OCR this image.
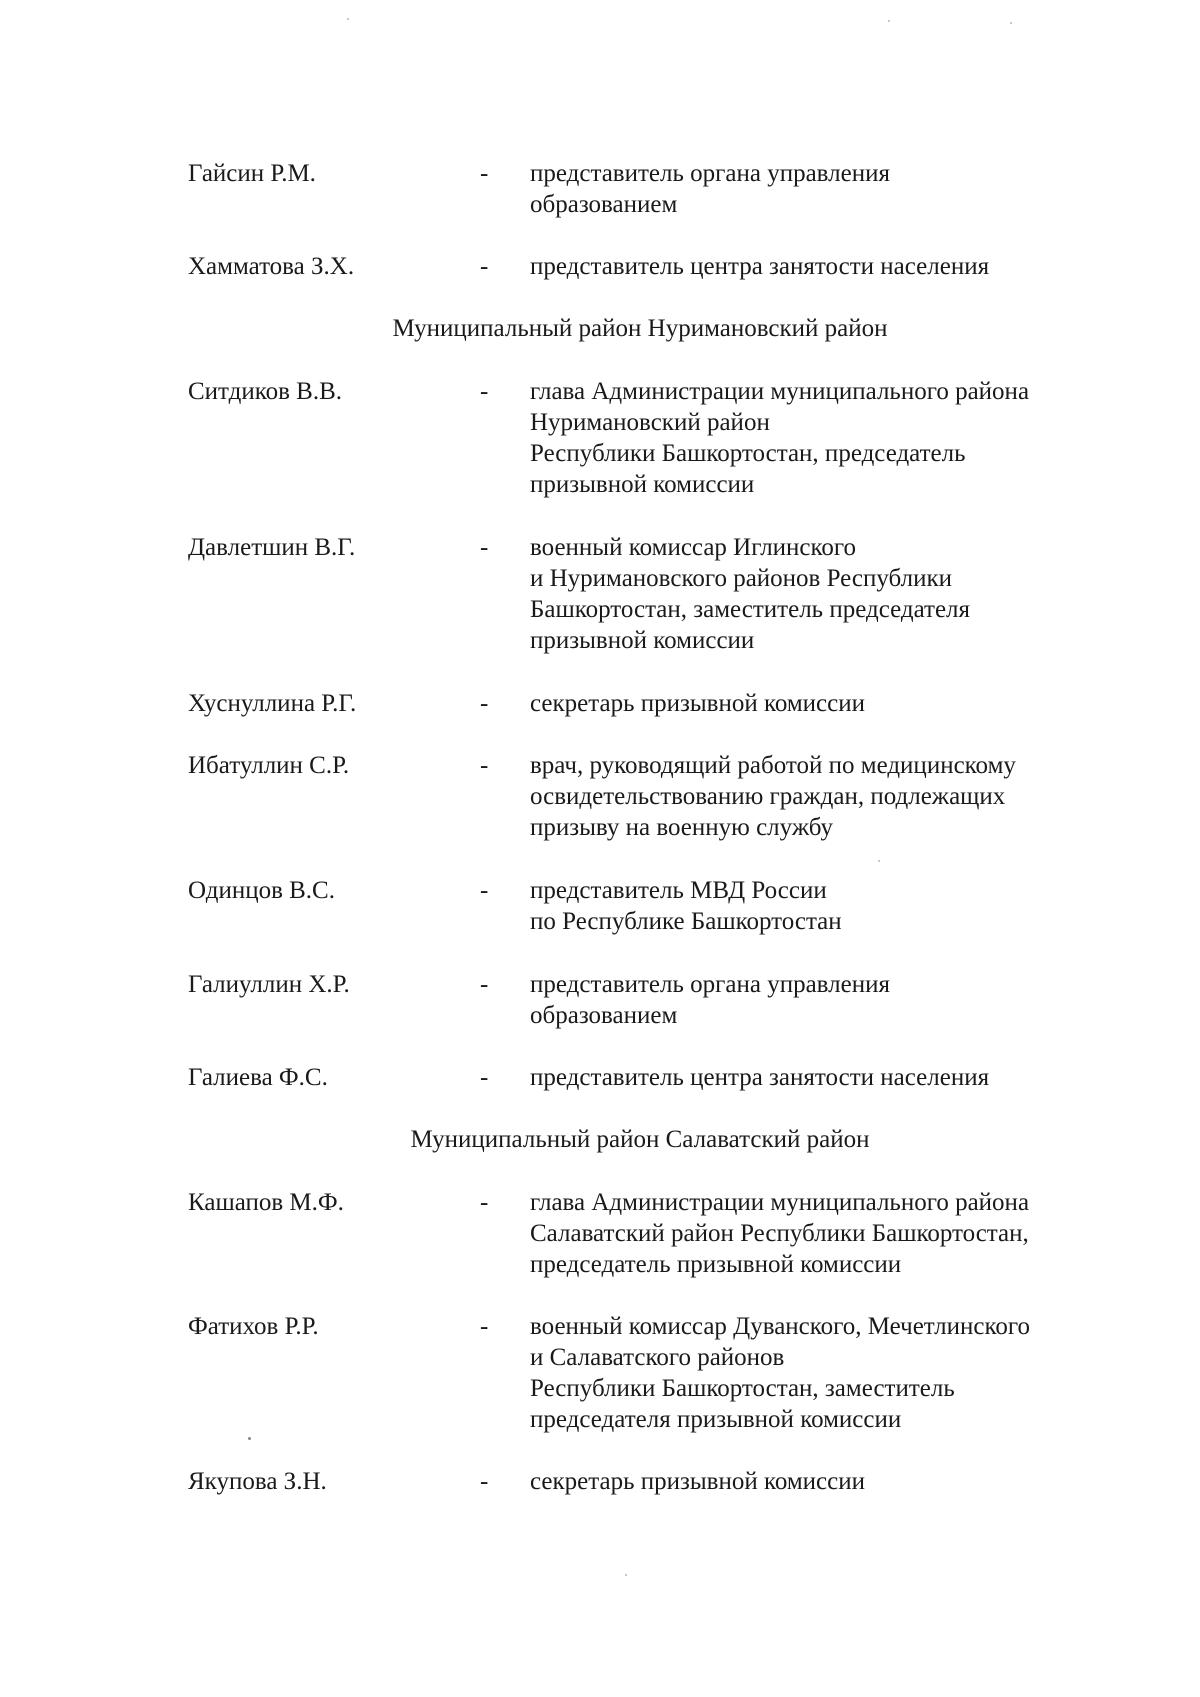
Гайсин Р.М.	- представитель органа управления
образованием
Хамматова З.Х.	- представитель центра занятости населения
Муниципальный район Нуримановский район
Ситдиков В.В.	- глава Администрации муниципального района
Нуримановский район
Республики Башкортостан, председатель
призывной комиссии
Давлетшин В.Г.	- военный комиссар Иглинского
и Нуримановского районов Республики
Башкортостан, заместитель председателя
призывной комиссии
Хуснуллина Р.Г.	- секретарь призывной комиссии
Ибатуллин С.Р.	- врач, руководящий работой по медицинскому
освидетельствованию граждан, подлежащих
призыву на военную службу
Одинцов В.С.	- представитель МВД России
по Республике Башкортостан
Галиуллин Х.Р.	- представитель органа управления
образованием
Галиева Ф.С.	- представитель центра занятости населения
Муниципальный район Салаватский район
Кашапов М.Ф.	- глава Администрации муниципального района
Салаватский район Республики Башкортостан,
председатель призывной комиссии
Фатихов Р.Р.	- военный комиссар Дуванского, Мечетлинского
и Салаватского районов
Республики Башкортостан, заместитель
председателя призывной комиссии
Якупова З.Н.	- секретарь призывной комиссии
